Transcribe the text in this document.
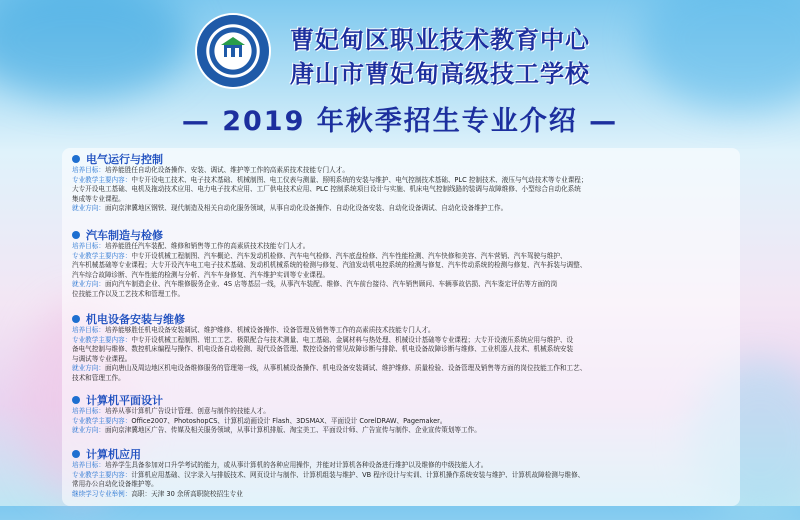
曹妃甸区职业技术教育中心
唐山市曹妃甸高级技工学校
— 2019 年秋季招生专业介绍 —
电气运行与控制
培养目标：培养能胜任自动化设备操作、安装、调试、维护等工作的高素质技术技能专门人才。
专业教学主要内容：中专开设电工技术、电子技术基础、机械制图、电工仪表与测量、照明系统的安装与维护、电气控制技术基础、PLC 控制技术、液压与气动技术等专业课程；
大专开设电工基础、电机及拖动技术应用、电力电子技术应用、工厂供电技术应用、PLC 控制系统项目设计与实施、机床电气控制线路的装调与故障维修、小型综合自动化系统
集成等专业课程。
就业方向：面向京津冀地区钢铁、现代制造及相关自动化服务领域，从事自动化设备操作、自动化设备安装、自动化设备调试、自动化设备维护工作。
汽车制造与检修
培养目标：培养能胜任汽车装配、维修和销售等工作的高素质技术技能专门人才。
专业教学主要内容：中专开设机械工程制图、汽车概论、汽车发动机检修、汽车电气检修、汽车底盘检修、汽车性能检测、汽车快修和美容、汽车营销、汽车驾驶与维护、
汽车机械基础等专业课程；大专开设汽车电工电子技术基础、发动机机械系统的检测与修复、汽油发动机电控系统的检测与修复、汽车传动系统的检测与修复、汽车拆装与调整、
汽车综合故障诊断、汽车性能的检测与分析、汽车车身修复、汽车维护实训等专业课程。
就业方向：面向汽车制造企业、汽车维修服务企业、4S 店等基层一线，从事汽车装配、维修、汽车前台接待、汽车销售顾问、车辆事故估损、汽车鉴定评估等方面的岗
位技能工作以及工艺技术和管理工作。
机电设备安装与维修
培养目标：培养能够胜任机电设备安装调试、维护维修、机械设备操作、设备管理及销售等工作的高素质技术技能专门人才。
专业教学主要内容：中专开设机械工程制图、钳工工艺、极限配合与技术测量、电工基础、金属材料与热处理、机械设计基础等专业课程；大专开设液压系统应用与维护、设
备电气控制与维修、数控机床编程与操作、机电设备自动检测、现代设备管理、数控设备的常见故障诊断与排除、机电设备故障诊断与维修、工业机器人技术、机械系统安装
与调试等专业课程。
就业方向：面向唐山及周边地区机电设备维修服务的管理第一线，从事机械设备操作、机电设备安装调试、维护维修、质量检验、设备管理及销售等方面的岗位技能工作和工艺、
技术和管理工作。
计算机平面设计
培养目标：培养从事计算机广告设计管理、创意与制作的技能人才。
专业教学主要内容：Office2007、PhotoshopCS、计算机动画设计 Flash、3DSMAX、平面设计 CorelDRAW、Pagemaker。
就业方向：面向京津冀地区广告、传媒及相关服务领域，从事计算机排版、淘宝美工、平面设计师、广告宣传与制作、企业宣传策划等工作。
计算机应用
培养目标：培养学生具备参加对口升学考试的能力，或从事计算机的各种应用操作，并能对计算机各种设备进行维护以及维修的中级技能人才。
专业教学主要内容：计算机应用基础、汉字录入与排版技术、网页设计与制作、计算机组装与维护、VB 程序设计与实训、计算机操作系统安装与维护、计算机故障检测与维修、
常用办公自动化设备维护等。
继续学习专业举例：高职：天津 30 余所高职院校招生专业
